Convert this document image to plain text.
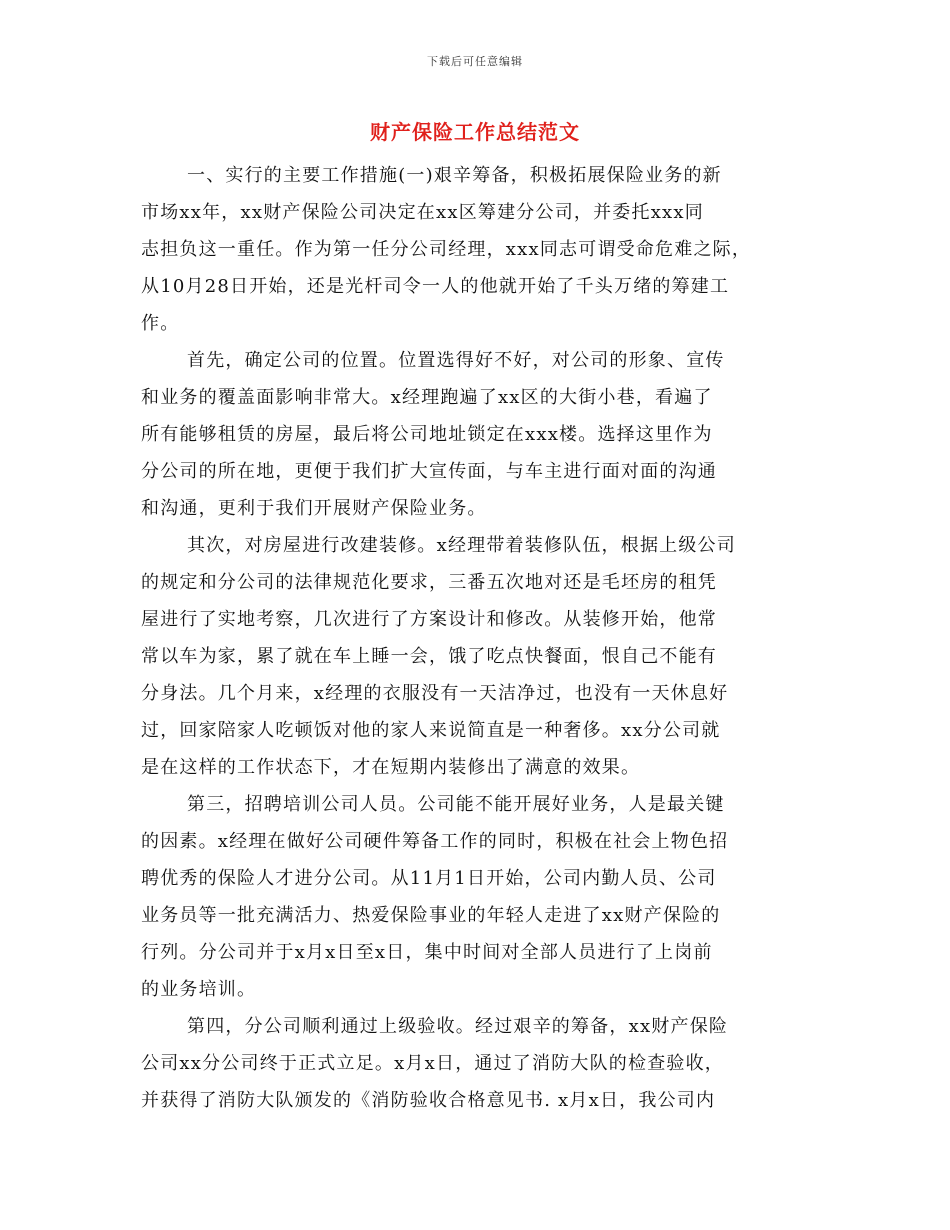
下载后可任意编辑
财产保险工作总结范文
一、实行的主要工作措施(一)艰辛筹备，积极拓展保险业务的新
市场xx年，xx财产保险公司决定在xx区筹建分公司，并委托xxx同
志担负这一重任。作为第一任分公司经理，xxx同志可谓受命危难之际，
从10月28日开始，还是光杆司令一人的他就开始了千头万绪的筹建工
作。
首先，确定公司的位置。位置选得好不好，对公司的形象、宣传
和业务的覆盖面影响非常大。x经理跑遍了xx区的大街小巷，看遍了
所有能够租赁的房屋，最后将公司地址锁定在xxx楼。选择这里作为
分公司的所在地，更便于我们扩大宣传面，与车主进行面对面的沟通
和沟通，更利于我们开展财产保险业务。
其次，对房屋进行改建装修。x经理带着装修队伍，根据上级公司
的规定和分公司的法律规范化要求，三番五次地对还是毛坯房的租凭
屋进行了实地考察，几次进行了方案设计和修改。从装修开始，他常
常以车为家，累了就在车上睡一会，饿了吃点快餐面，恨自己不能有
分身法。几个月来，x经理的衣服没有一天洁净过，也没有一天休息好
过，回家陪家人吃顿饭对他的家人来说简直是一种奢侈。xx分公司就
是在这样的工作状态下，才在短期内装修出了满意的效果。
第三，招聘培训公司人员。公司能不能开展好业务，人是最关键
的因素。x经理在做好公司硬件筹备工作的同时，积极在社会上物色招
聘优秀的保险人才进分公司。从11月1日开始，公司内勤人员、公司
业务员等一批充满活力、热爱保险事业的年轻人走进了xx财产保险的
行列。分公司并于x月x日至x日，集中时间对全部人员进行了上岗前
的业务培训。
第四，分公司顺利通过上级验收。经过艰辛的筹备，xx财产保险
公司xx分公司终于正式立足。x月x日，通过了消防大队的检查验收，
并获得了消防大队颁发的《消防验收合格意见书. x月x日，我公司内
